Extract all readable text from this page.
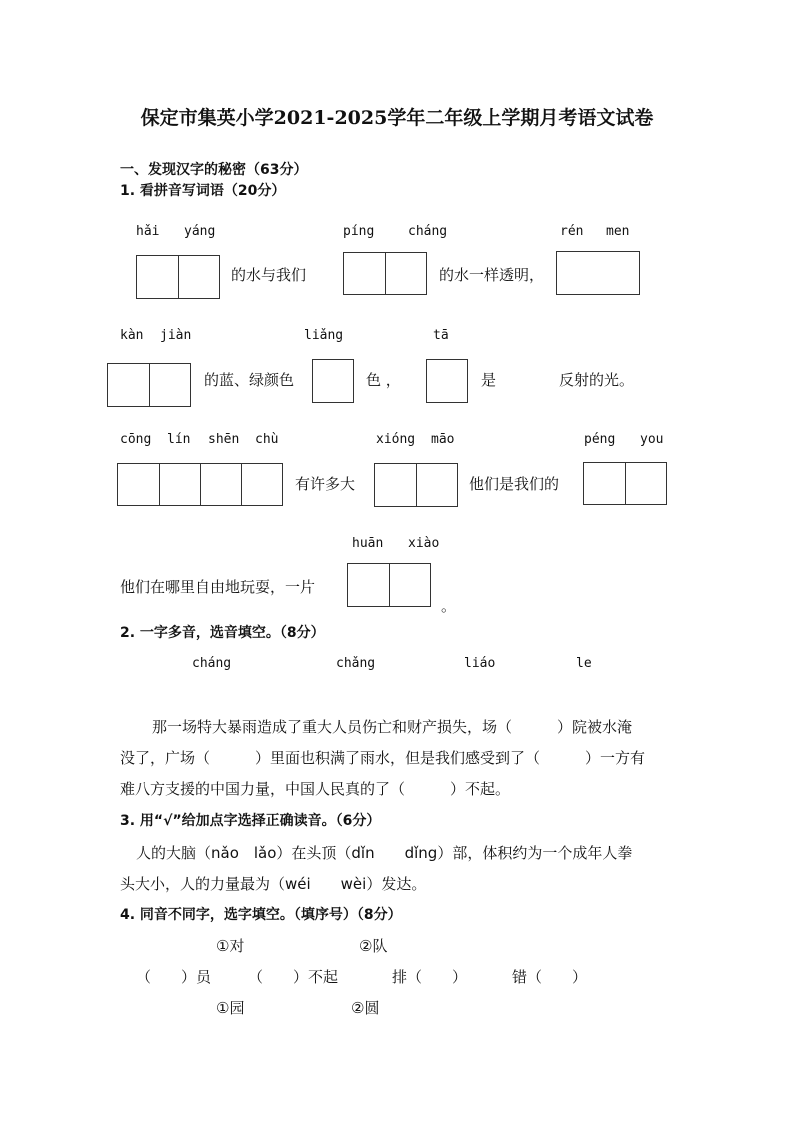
保定市集英小学2021-2025学年二年级上学期月考语文试卷
一、发现汉字的秘密（63分）
1. 看拼音写词语（20分）
hǎi yáng
的水与我们
píng	cháng
的水一样透明，
rén men
kàn jiàn
的蓝、绿颜色
liǎng
色 ，
tā
是	反射的光。
cōng lín shēn chù
有许多大
xióng māo
他们是我们的
péng you
huān xiào
他们在哪里自由地玩耍，一片
。
2. 一字多音，选音填空。（8分）
cháng	chǎng	liáo	le
那一场特大暴雨造成了重大人员伤亡和财产损失，场（　　　）院被水淹
没了，广场（　　　）里面也积满了雨水，但是我们感受到了（　　　）一方有
难八方支援的中国力量，中国人民真的了（　　　）不起。
3. 用“√”给加点字选择正确读音。（6分）
人的大脑（nǎo　lǎo）在头顶（dǐn　　dǐng）部，体积约为一个成年人拳
头大小，人的力量最为（wéi　　wèi）发达。
4. 同音不同字，选字填空。（填序号）（8分）
①对	②队
（　　）员 （　　）不起	排（　　）	错（　　）
①园	②圆
